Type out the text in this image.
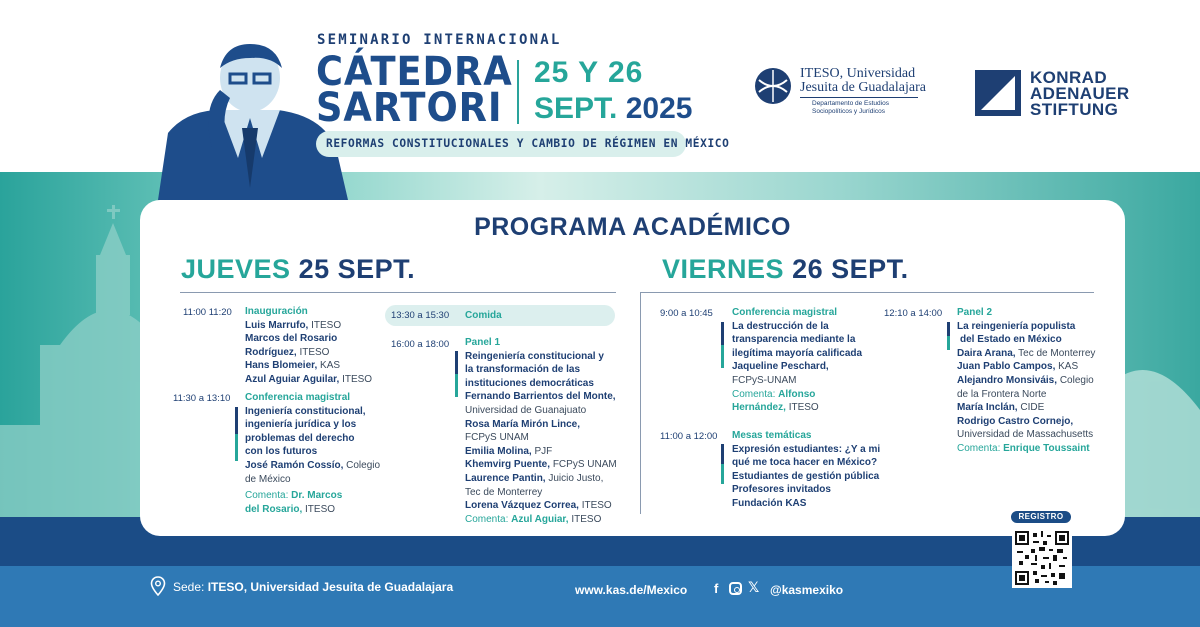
SEMINARIO INTERNACIONAL
CÁTEDRA
SARTORI
25 Y 26
SEPT. 2025
REFORMAS CONSTITUCIONALES Y CAMBIO DE RÉGIMEN EN MÉXICO
ITESO, Universidad
Jesuita de Guadalajara
Departamento de Estudios
Sociopolíticos y Jurídicos
KONRAD
ADENAUER
STIFTUNG
PROGRAMA ACADÉMICO
JUEVES 25 SEPT.	VIERNES 26 SEPT.
11:00 11:20 Inauguración
Luis Marrufo, ITESO
Marcos del Rosario
Rodríguez, ITESO
Hans Blomeier, KAS
Azul Aguiar Aguilar, ITESO
11:30 a 13:10 Conferencia magistral
Ingeniería constitucional,
ingeniería jurídica y los
problemas del derecho
con los futuros
José Ramón Cossío, Colegio
de México
Comenta: Dr. Marcos
del Rosario, ITESO
13:30 a 15:30 Comida
16:00 a 18:00 Panel 1
Reingeniería constitucional y
la transformación de las
instituciones democráticas
Fernando Barrientos del Monte,
Universidad de Guanajuato
Rosa María Mirón Lince,
FCPyS UNAM
Emilia Molina, PJF
Khemvirg Puente, FCPyS UNAM
Laurence Pantin, Juicio Justo,
Tec de Monterrey
Lorena Vázquez Correa, ITESO
Comenta: Azul Aguiar, ITESO
9:00 a 10:45 Conferencia magistral
La destrucción de la
transparencia mediante la
ilegítima mayoría calificada
Jaqueline Peschard,
FCPyS-UNAM
Comenta: Alfonso
Hernández, ITESO
11:00 a 12:00 Mesas temáticas
Expresión estudiantes: ¿Y a mi
qué me toca hacer en México?
Estudiantes de gestión pública
Profesores invitados
Fundación KAS
12:10 a 14:00 Panel 2
La reingeniería populista
del Estado en México
Daira Arana, Tec de Monterrey
Juan Pablo Campos, KAS
Alejandro Monsiváis, Colegio
de la Frontera Norte
María Inclán, CIDE
Rodrigo Castro Cornejo,
Universidad de Massachusetts
Comenta: Enrique Toussaint
REGISTRO
Sede: ITESO, Universidad Jesuita de Guadalajara	www.kas.de/Mexico f 𝕏 @kasmexiko
